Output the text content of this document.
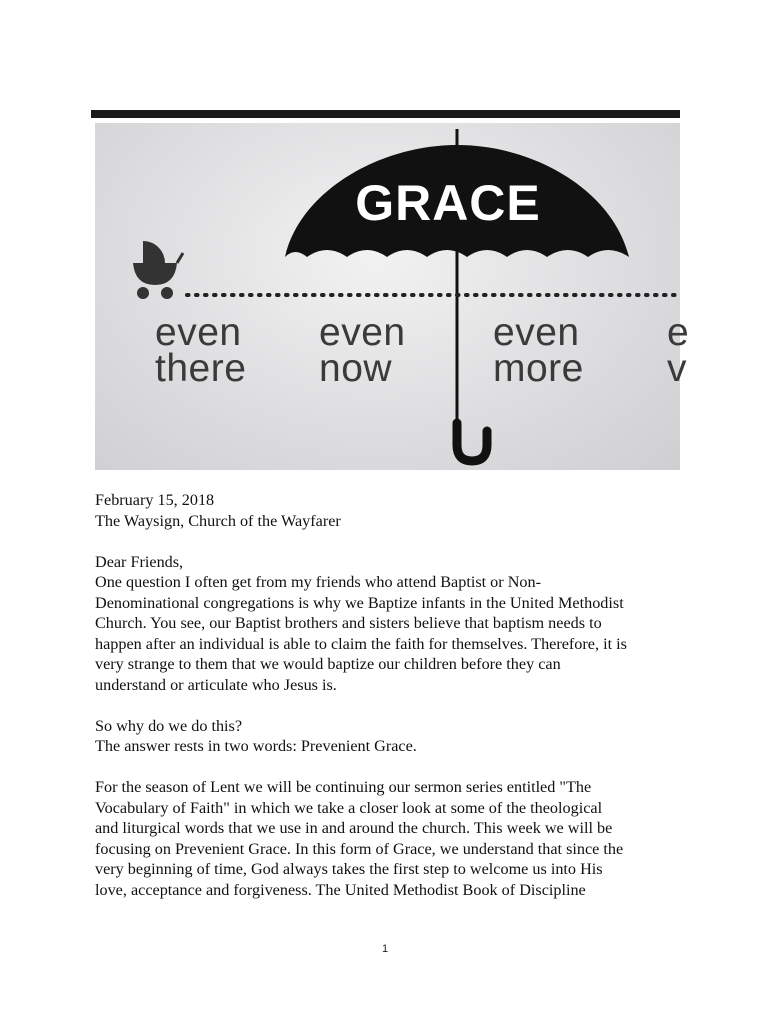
GRACE
even
there
even
now
even
more
e
v
February 15, 2018
The Waysign, Church of the Wayfarer
Dear Friends,
One question I often get from my friends who attend Baptist or Non-
Denominational congregations is why we Baptize infants in the United Methodist
Church. You see, our Baptist brothers and sisters believe that baptism needs to
happen after an individual is able to claim the faith for themselves. Therefore, it is
very strange to them that we would baptize our children before they can
understand or articulate who Jesus is.
So why do we do this?
The answer rests in two words: Prevenient Grace.
For the season of Lent we will be continuing our sermon series entitled "The
Vocabulary of Faith" in which we take a closer look at some of the theological
and liturgical words that we use in and around the church. This week we will be
focusing on Prevenient Grace. In this form of Grace, we understand that since the
very beginning of time, God always takes the first step to welcome us into His
love, acceptance and forgiveness. The United Methodist Book of Discipline
1
